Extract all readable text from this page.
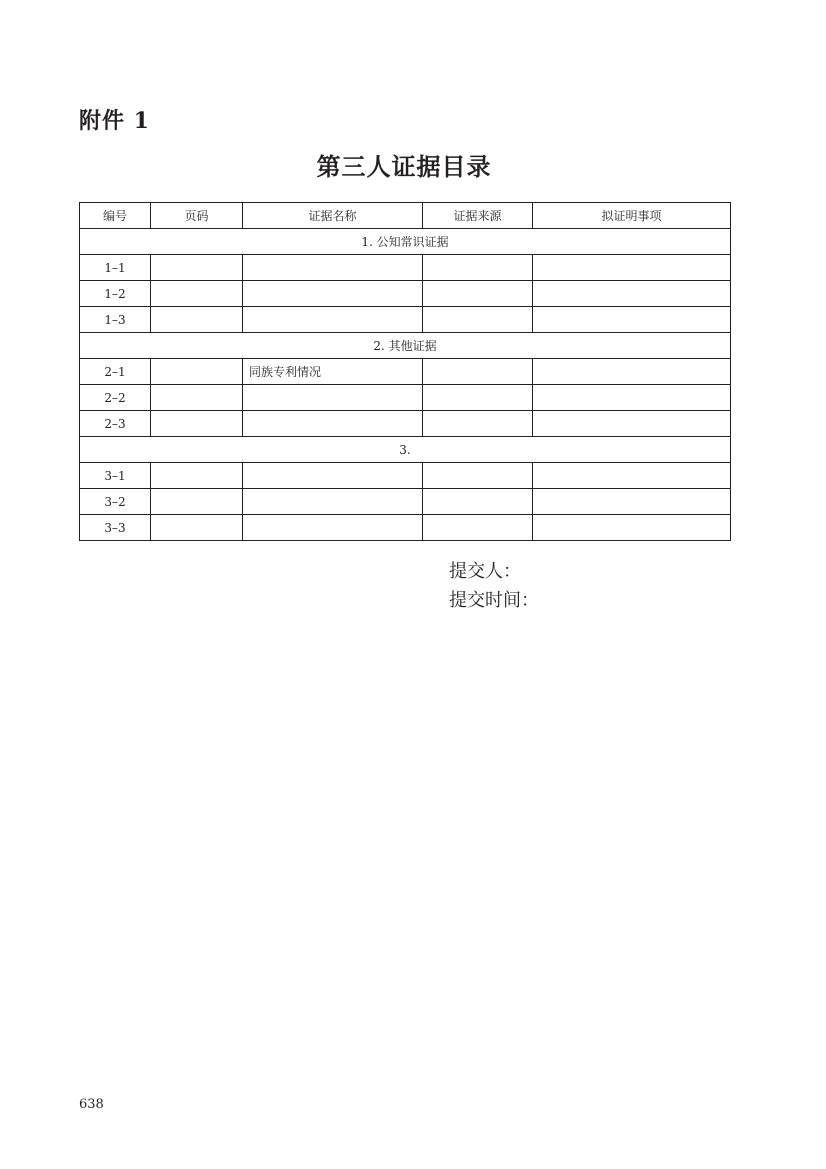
附件 1
第三人证据目录
编号	页码	证据名称	证据来源	拟证明事项
1. 公知常识证据				
1–1				
1–2				
1–3				
2. 其他证据				
2–1		同族专利情况		
2–2				
2–3				
3.				
3–1				
3–2				
3–3				
提交人：
提交时间：
638
